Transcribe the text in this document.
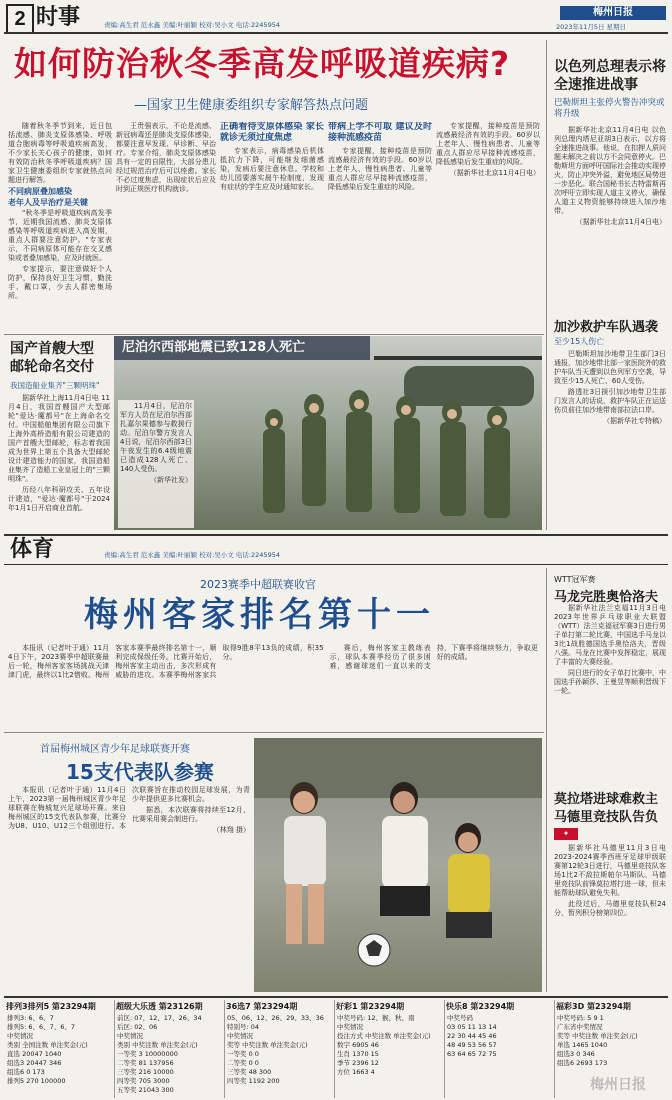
2 时事	责编:高生君 范永鑫 美编:叶丽颖 校对:吴小文 电话:2245954
梅州日报
2023年11月5日 星期日
如何防治秋冬季高发呼吸道疾病?
—国家卫生健康委组织专家解答热点问题

随着秋冬季节到来，近日包括流感、肺炎支原体感染、呼吸道合胞病毒等呼吸道疾病高发，不少家长关心孩子的健康，如何有效防治秋冬季呼吸道疾病？国家卫生健康委组织专家就热点问题进行解答。

不同病原叠加感染
老年人及早治疗是关键

"秋冬季是呼吸道疾病高发季节，近期我国流感、肺炎支原体感染等呼吸道疾病进入高发期，重点人群要注意防护。"专家表示，不同病原体可能存在交叉感染或者叠加感染，应及时就医。

专家提示，要注意做好个人防护，保持良好卫生习惯，勤洗手、戴口罩，少去人群密集场所。

王贵强表示，不论是流感、新冠病毒还是肺炎支原体感染，都要注意早发现、早诊断、早治疗。专家介绍，肺炎支原体感染具有一定的自限性，大部分患儿经过规范治疗后可以痊愈。家长不必过度焦虑，出现症状后应及时到正规医疗机构就诊。

正确看待支原体感染 家长就诊无须过度焦虑

专家表示，病毒感染后机体抵抗力下降，可能继发细菌感染，发病后要注意休息。学校和幼儿园要落实晨午检制度，发现有症状的学生应及时通知家长。

带病上学不可取 建议及时接种流感疫苗

专家提醒，接种疫苗是预防流感最经济有效的手段。60岁以上老年人、慢性病患者、儿童等重点人群应尽早接种流感疫苗，降低感染后发生重症的风险。

专家提醒，接种疫苗是预防流感最经济有效的手段。60岁以上老年人、慢性病患者、儿童等重点人群应尽早接种流感疫苗，降低感染后发生重症的风险。

（据新华社北京11月4日电）
以色列总理表示将全速推进战事
巴勒斯坦主张停火警告冲突或将升级

据新华社北京11月4日电 以色列总理内塔尼亚胡3日表示，以方将全速推进战事。他说，在扣押人质问题未解决之前以方不会同意停火。巴勒斯坦方面呼吁国际社会推动实现停火，防止冲突外溢，避免地区局势进一步恶化。联合国秘书长古特雷斯再次呼吁立即实现人道主义停火，确保人道主义物资能够持续进入加沙地带。

（据新华社北京11月4日电）
国产首艘大型邮轮命名交付
我国造船业集齐"三颗明珠"

据新华社上海11月4日电 11月4日，我国首艘国产大型邮轮"爱达·魔都号"在上海命名交付。中国船舶集团有限公司旗下上海外高桥造船有限公司建造的国产首艘大型邮轮，标志着我国成为世界上第五个具备大型邮轮设计建造能力的国家，我国造船业集齐了造船工业皇冠上的"三颗明珠"。

历经八年科研攻关、五年设计建造，"爱达·魔都号"于2024年1月1日开启商业首航。

尼泊尔西部地震已致128人死亡

11月4日，尼泊尔军方人员在尼泊尔西部扎嘉尔果德参与救援行动。尼泊尔警方发言人4日说，尼泊尔西部3日午夜发生的6.4级地震已造成128人死亡、140人受伤。

（新华社发）
加沙救护车队遇袭
至少15人伤亡

巴勒斯坦加沙地带卫生部门3日通报，加沙地带北部一家医院外的救护车队当天遭到以色列军方空袭，导致至少15人死亡、60人受伤。

路透社3日援引加沙地带卫生部门发言人的话说，救护车队正在运送伤员前往加沙地带南部拉法口岸。

（据新华社专特稿）
体育	责编:高生君 范永鑫 美编:叶丽颖 校对:吴小文 电话:2245954
2023赛季中超联赛收官
梅州客家排名第十一

本报讯（记者叶于通）11月4日下午，2023赛季中超联赛最后一轮，梅州客家客场挑战天津津门虎，最终以1比2惜败。梅州客家本赛季最终排名第十一，顺利完成保级任务。比赛开始后，梅州客家主动出击，多次形成有威胁的进攻。本赛季梅州客家共取得9胜8平13负的成绩，积35分。

赛后，梅州客家主教练表示，球队本赛季经历了很多困难，感谢球迷们一直以来的支持，下赛季将继续努力，争取更好的成绩。

WTT冠军赛
马龙完胜奥恰洛夫

据新华社法兰克福11月3日电 2023年世界乒乓球职业大联盟（WTT）法兰克福冠军赛3日进行男子单打第二轮比赛，中国选手马龙以3比1战胜德国选手奥恰洛夫，晋级八强。马龙在比赛中发挥稳定，展现了丰富的大赛经验。

同日进行的女子单打比赛中，中国选手孙颖莎、王曼昱等顺利晋级下一轮。

首届梅州城区青少年足球联赛开赛
15支代表队参赛

本报讯（记者叶于通）11月4日上午，2023第一届梅州城区青少年足球联赛在梅城复兴足球场开赛。来自梅州城区的15支代表队参赛，比赛分为U8、U10、U12三个组别进行。本次联赛旨在推动校园足球发展，为青少年提供更多比赛机会。

据悉，本次联赛将持续至12月，比赛采用赛会制进行。

（林翔 摄）
莫拉塔进球难救主
马德里竞技队告负
●

据新华社马德里11月3日电 2023-2024赛季西班牙足球甲级联赛第12轮3日进行，马德里竞技队客场1比2不敌拉斯帕尔马斯队。马德里竞技队前锋莫拉塔打进一球，但未能帮助球队避免失利。

此役过后，马德里竞技队积24分，暂列积分榜第四位。

排列3排列5 第23294期
排列3: 6、6、7
排列5: 6、6、7、6、7
中奖情况
类别 全国注数 单注奖金(元)
直选 20047 1040
组选3 20447 346
组选6 0 173
排列5 270 100000
超级大乐透 第23126期
前区: 07、12、17、26、34
后区: 02、06
中奖情况
类别 中奖注数 单注奖金(元)
一等奖 3 10000000
二等奖 81 137956
三等奖 216 10000
四等奖 705 3000
五等奖 21043 300
36选7 第23294期
05、06、12、26、29、33、36
特别号: 04
中奖情况
奖等 中奖注数 单注奖金(元)
一等奖 0 0
二等奖 0 0
三等奖 48 300
四等奖 1192 200
好彩1 第23294期
中奖号码: 12、猴、秋、南
中奖情况
投注方式 中奖注数 单注奖金(元)
数字 6905 46
生肖 1370 15
季节 2396 12
方位 1663 4
快乐8 第23294期
中奖号码
03 05 11 13 14
22 30 44 45 46
48 49 53 56 57
63 64 65 72 75
福彩3D 第23294期
中奖号码: 5 9 1
广东省中奖情况
奖等 中奖注数 单注奖金(元)
单选 1465 1040
组选3 0 346
组选6 2693 173
梅州日报
